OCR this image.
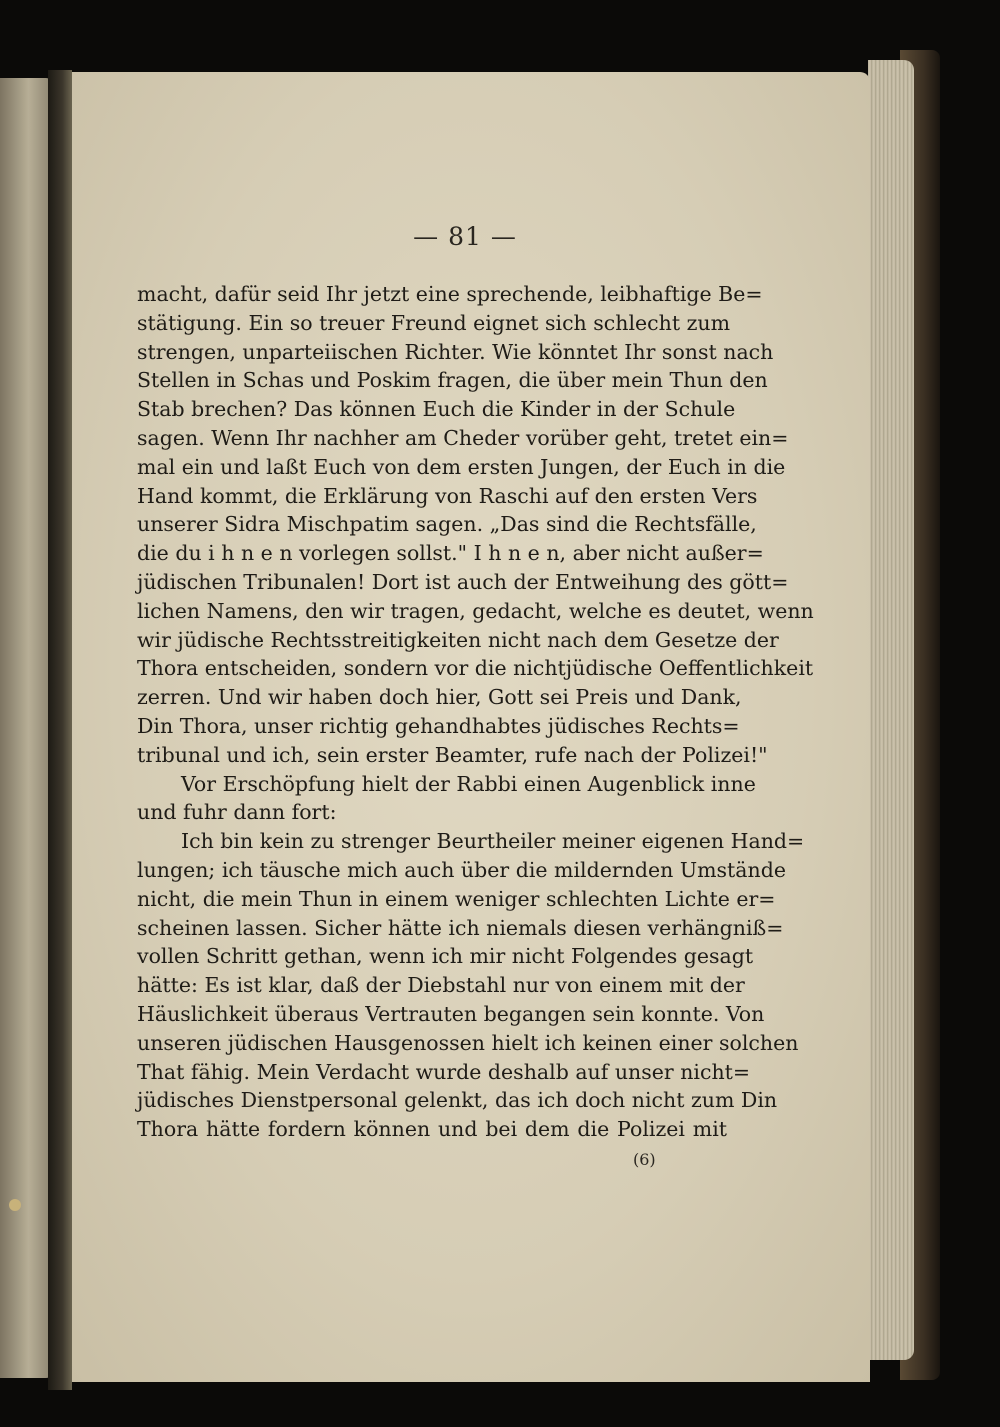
— 81 —
macht, dafür seid Ihr jetzt eine sprechende, leibhaftige Be=
stätigung. Ein so treuer Freund eignet sich schlecht zum
strengen, unparteiischen Richter. Wie könntet Ihr sonst nach
Stellen in Schas und Poskim fragen, die über mein Thun den
Stab brechen? Das können Euch die Kinder in der Schule
sagen. Wenn Ihr nachher am Cheder vorüber geht, tretet ein=
mal ein und laßt Euch von dem ersten Jungen, der Euch in die
Hand kommt, die Erklärung von Raschi auf den ersten Vers
unserer Sidra Mischpatim sagen. „Das sind die Rechtsfälle,
die du i h n e n vorlegen sollst." I h n e n, aber nicht außer=
jüdischen Tribunalen! Dort ist auch der Entweihung des gött=
lichen Namens, den wir tragen, gedacht, welche es deutet, wenn
wir jüdische Rechtsstreitigkeiten nicht nach dem Gesetze der
Thora entscheiden, sondern vor die nichtjüdische Oeffentlichkeit
zerren. Und wir haben doch hier, Gott sei Preis und Dank,
Din Thora, unser richtig gehandhabtes jüdisches Rechts=
tribunal und ich, sein erster Beamter, rufe nach der Polizei!"
Vor Erschöpfung hielt der Rabbi einen Augenblick inne
und fuhr dann fort:
Ich bin kein zu strenger Beurtheiler meiner eigenen Hand=
lungen; ich täusche mich auch über die mildernden Umstände
nicht, die mein Thun in einem weniger schlechten Lichte er=
scheinen lassen. Sicher hätte ich niemals diesen verhängniß=
vollen Schritt gethan, wenn ich mir nicht Folgendes gesagt
hätte: Es ist klar, daß der Diebstahl nur von einem mit der
Häuslichkeit überaus Vertrauten begangen sein konnte. Von
unseren jüdischen Hausgenossen hielt ich keinen einer solchen
That fähig. Mein Verdacht wurde deshalb auf unser nicht=
jüdisches Dienstpersonal gelenkt, das ich doch nicht zum Din
Thora hätte fordern können und bei dem die Polizei mit
(6)
